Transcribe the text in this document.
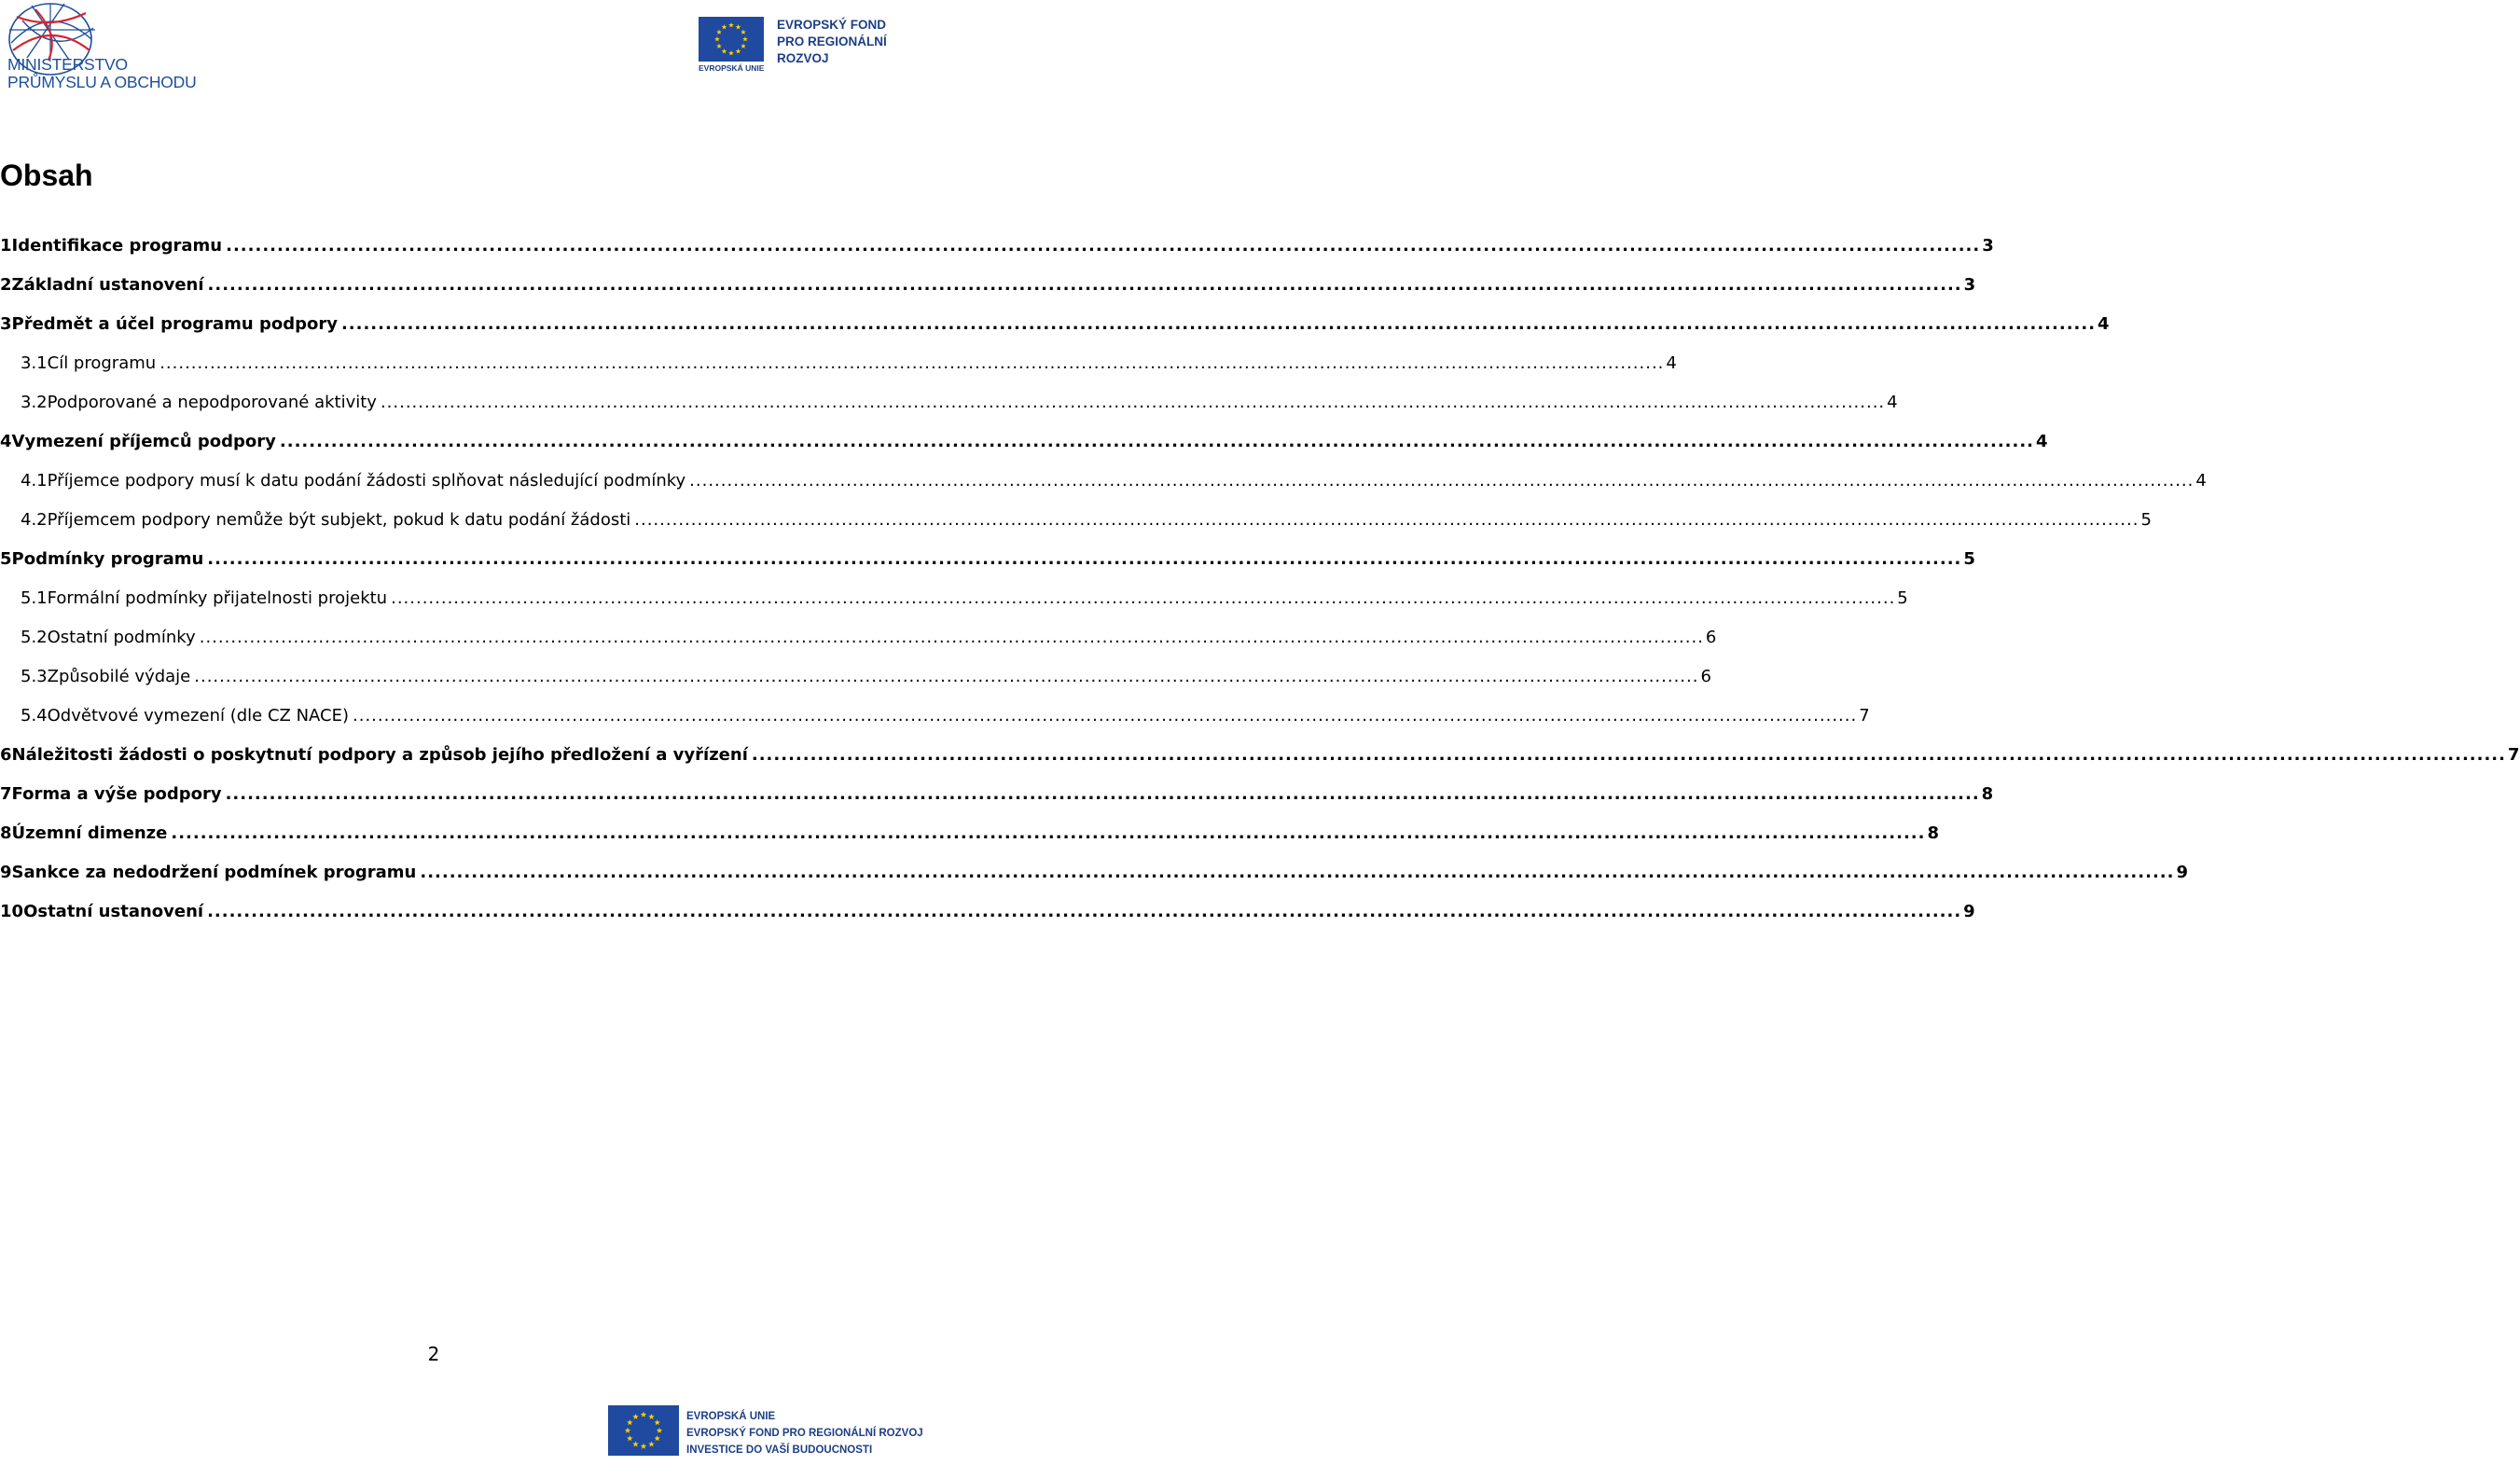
MINISTERSTVO
PRŮMYSLU A OBCHODU
EVROPSKÁ UNIE
EVROPSKÝ FOND
PRO REGIONÁLNÍ
ROZVOJ
Obsah
1 Identifikace programu .....	3
2 Základní ustanovení .....	3
3 Předmět a účel programu podpory .....	4
3.1 Cíl programu .....	4
3.2 Podporované a nepodporované aktivity .....	4
4 Vymezení příjemců podpory .....	4
4.1 Příjemce podpory musí k datu podání žádosti splňovat následující podmínky .....	4
4.2 Příjemcem podpory nemůže být subjekt, pokud k datu podání žádosti .....	5
5 Podmínky programu .....	5
5.1 Formální podmínky přijatelnosti projektu .....	5
5.2 Ostatní podmínky .....	6
5.3 Způsobilé výdaje .....	6
5.4 Odvětvové vymezení (dle CZ NACE) .....	7
6 Náležitosti žádosti o poskytnutí podpory a způsob jejího předložení a vyřízení .....	7
7 Forma a výše podpory .....	8
8 Územní dimenze .....	8
9 Sankce za nedodržení podmínek programu .....	9
10 Ostatní ustanovení .....	9
2
EVROPSKÁ UNIE
EVROPSKÝ FOND PRO REGIONÁLNÍ ROZVOJ
INVESTICE DO VAŠÍ BUDOUCNOSTI
